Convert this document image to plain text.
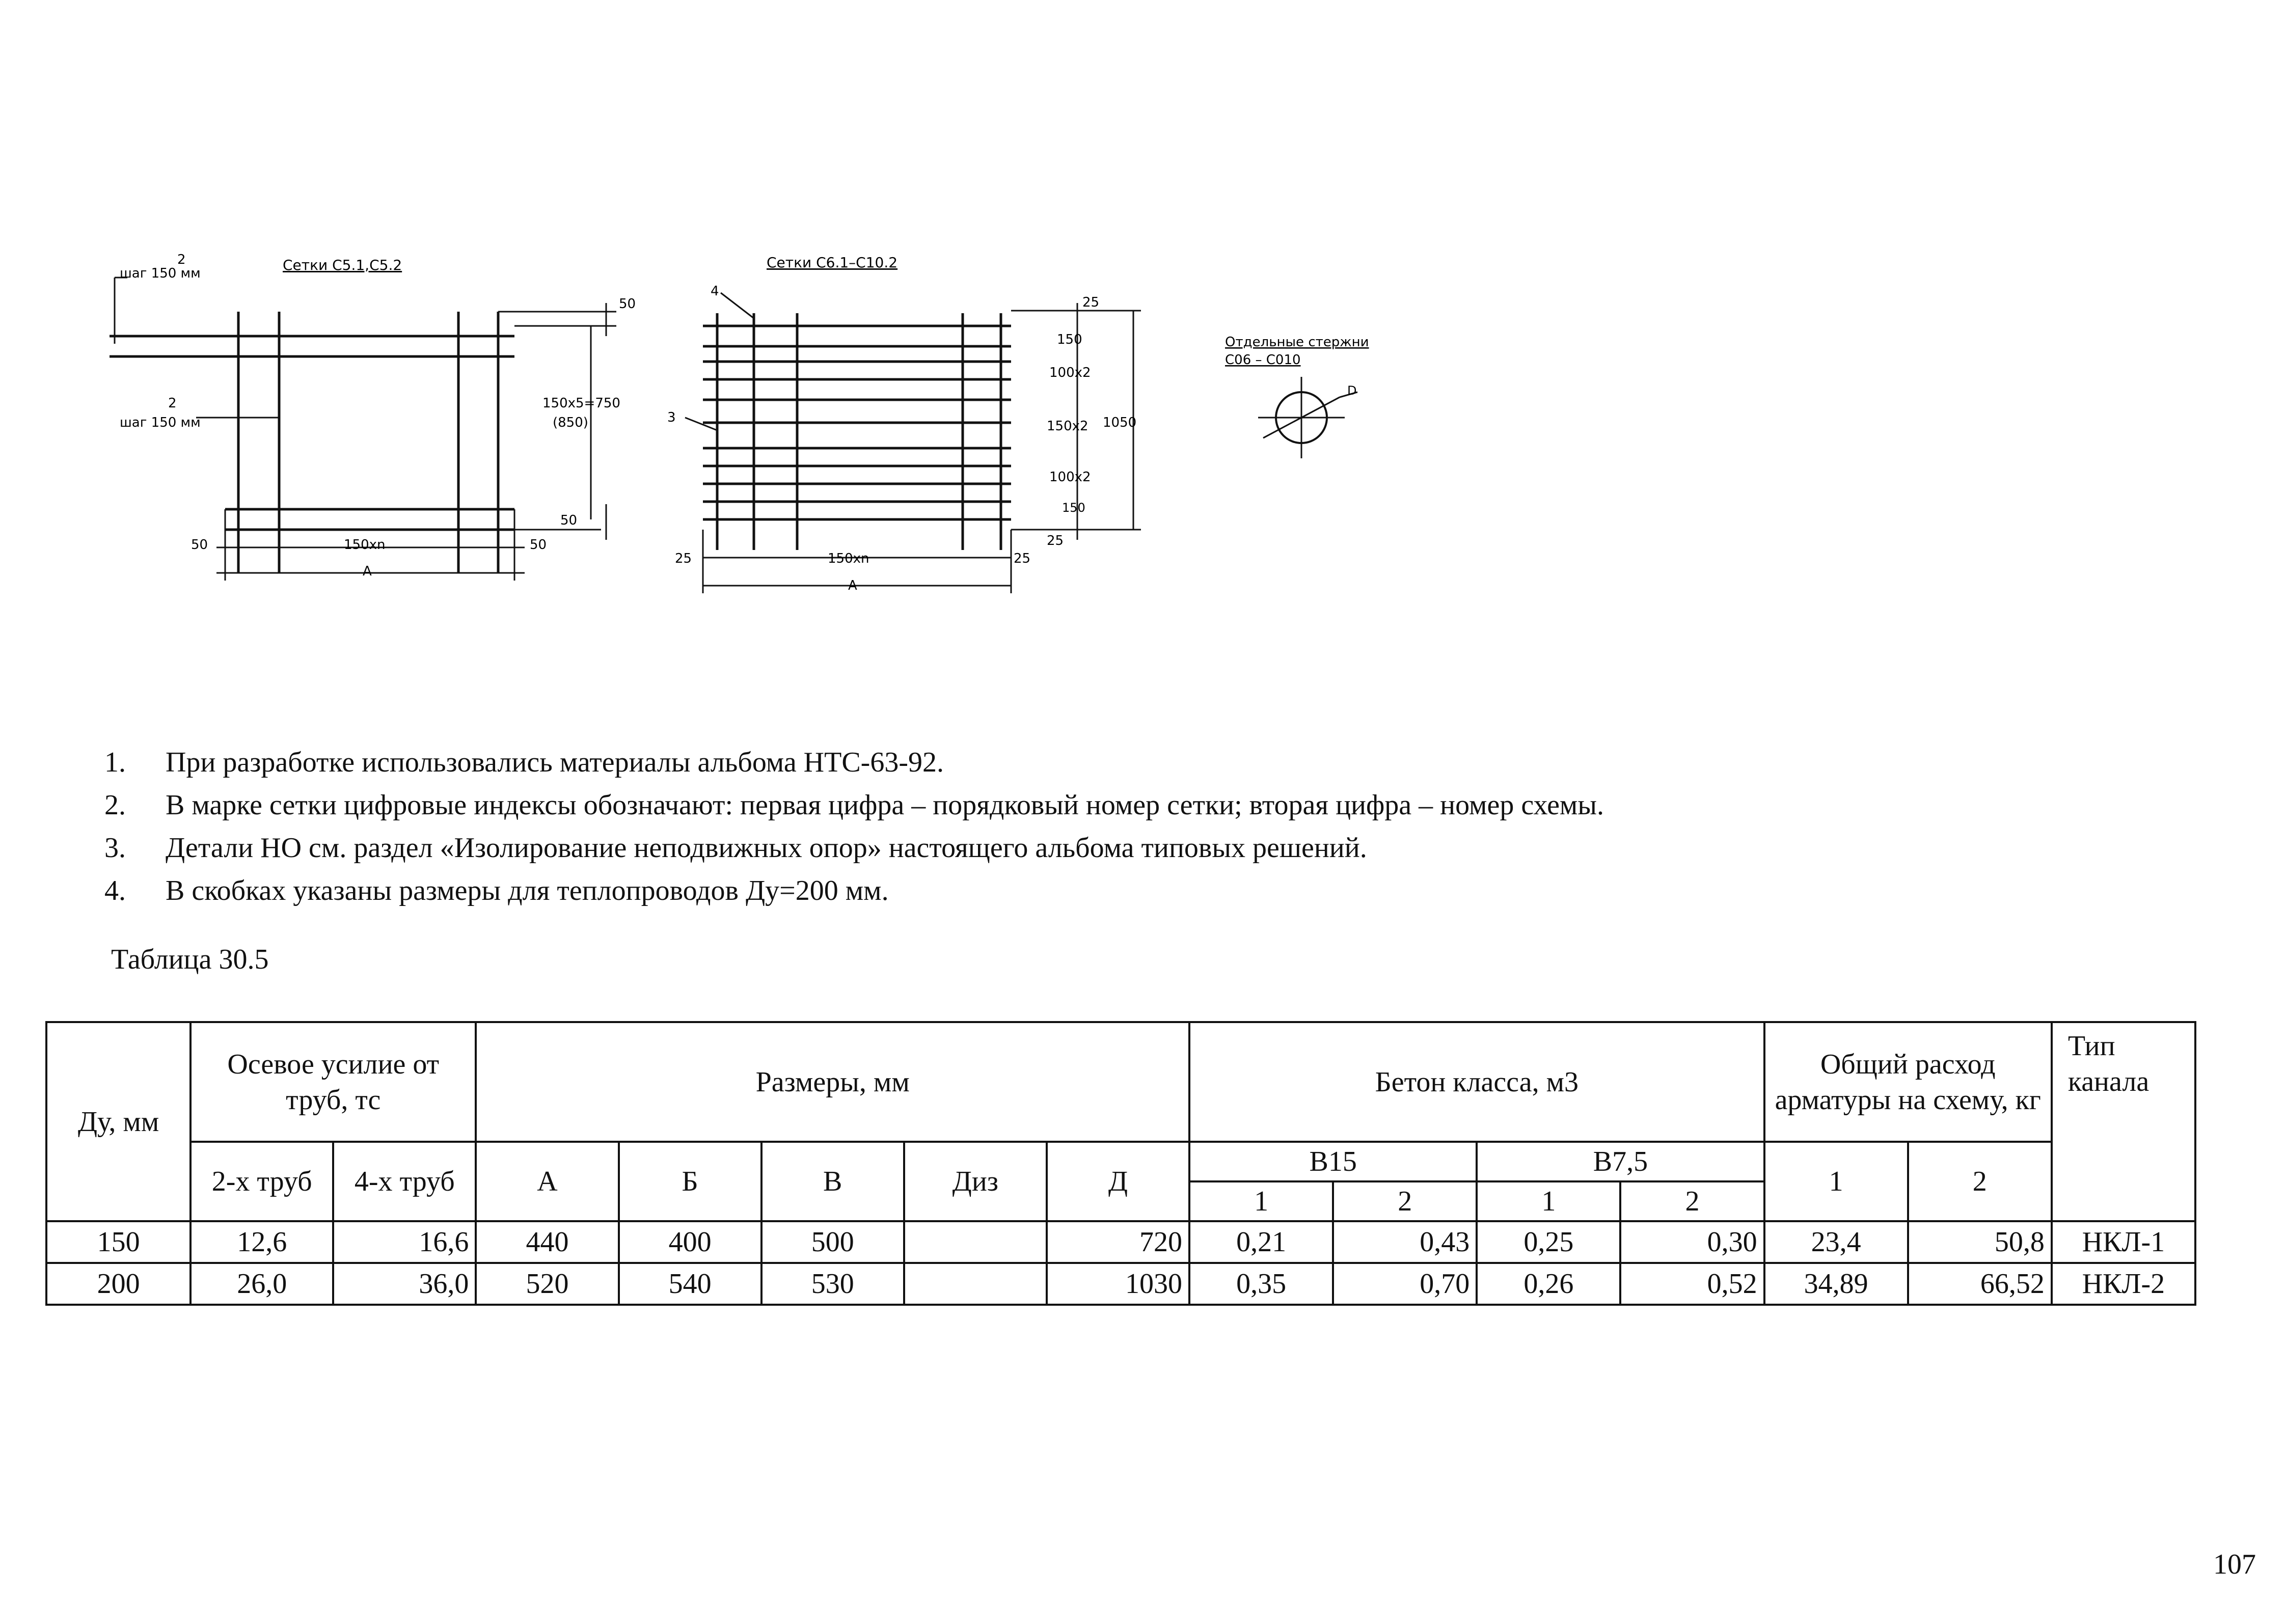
2
шаг 150 мм	Сетки С5.1,С5.2
50
2
шаг 150 мм
150x5=750
(850)
50
50	150xn	50
A
Сетки С6.1–С10.2
4
3
25
150
100x2
150x2 1050
100x2
150
25
25	150xn	25
A
Отдельные стержни
С06 – С010
D
1. При разработке использовались материалы альбома НТС-63-92.
2. В марке сетки цифровые индексы обозначают: первая цифра – порядковый номер сетки; вторая цифра – номер схемы.
3. Детали НО см. раздел «Изолирование неподвижных опор» настоящего альбома типовых решений.
4. В скобках указаны размеры для теплопроводов Ду=200 мм.
Таблица 30.5
Ду, мм	Осевое усилие от труб, тс		Размеры, мм					Бетон класса, м3				Общий расход арматуры на схему, кг		Тип канала
	2-х труб	4-х труб	А	Б	В	Диз	Д	В15		В7,5		1	2	
								1	2	1	2			
150	12,6	16,6	440	400	500		720	0,21	0,43	0,25	0,30	23,4	50,8	НКЛ-1
200	26,0	36,0	520	540	530		1030	0,35	0,70	0,26	0,52	34,89	66,52	НКЛ-2
107
